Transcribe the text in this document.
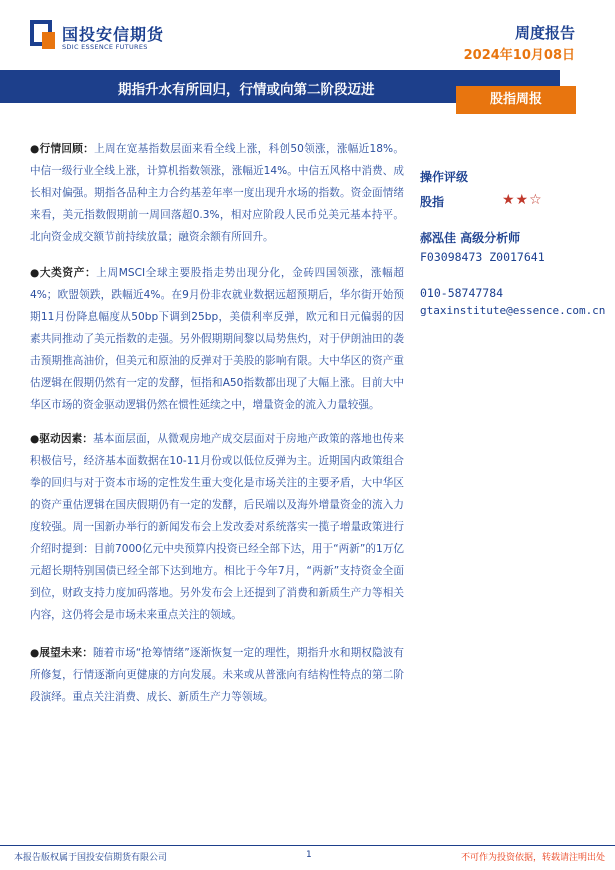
国投安信期货
SDIC ESSENCE FUTURES
周度报告
2024年10月08日
期指升水有所回归，行情或向第二阶段迈进
股指周报

●行情回顾：上周在宽基指数层面来看全线上涨，科创50领涨，涨幅近18%。中信一级行业全线上涨，计算机指数领涨，涨幅近14%。中信五风格中消费、成长相对偏强。期指各品种主力合约基差年率一度出现升水场的指数。资金面情绪来看，美元指数假期前一周回落超0.3%，相对应阶段人民币兑美元基本持平。北向资金成交额节前持续放量；融资余额有所回升。

●大类资产：上周MSCI全球主要股指走势出现分化，金砖四国领涨，涨幅超4%；欧盟领跌，跌幅近4%。在9月份非农就业数据远超预期后，华尔街开始预期11月份降息幅度从50bp下调到25bp，美债利率反弹，欧元和日元偏弱的因素共同推动了美元指数的走强。另外假期期间黎以局势焦灼，对于伊朗油田的袭击预期推高油价，但美元和原油的反弹对于美股的影响有限。大中华区的资产重估逻辑在假期仍然有一定的发酵，恒指和A50指数都出现了大幅上涨。目前大中华区市场的资金驱动逻辑仍然在惯性延续之中，增量资金的流入力量较强。

●驱动因素：基本面层面，从微观房地产成交层面对于房地产政策的落地也传来积极信号，经济基本面数据在10-11月份或以低位反弹为主。近期国内政策组合拳的回归与对于资本市场的定性发生重大变化是市场关注的主要矛盾，大中华区的资产重估逻辑在国庆假期仍有一定的发酵，后民端以及海外增量资金的流入力度较强。周一国新办举行的新闻发布会上发改委对系统落实一揽子增量政策进行介绍时提到：目前7000亿元中央预算内投资已经全部下达，用于“两新”的1万亿元超长期特别国债已经全部下达到地方。相比于今年7月，“两新”支持资金全面到位，财政支持力度加码落地。另外发布会上还提到了消费和新质生产力等相关内容，这仍将会是市场未来重点关注的领域。

●展望未来：随着市场“抢筹情绪”逐渐恢复一定的理性，期指升水和期权隐波有所修复，行情逐渐向更健康的方向发展。未来或从普涨向有结构性特点的第二阶段演绎。重点关注消费、成长、新质生产力等领域。

操作评级
股指	★★☆
郝泓佳 高级分析师
F03098473 Z0017641
010-58747784
gtaxinstitute@essence.com.cn
本报告版权属于国投安信期货有限公司	1	不可作为投资依据，转载请注明出处
